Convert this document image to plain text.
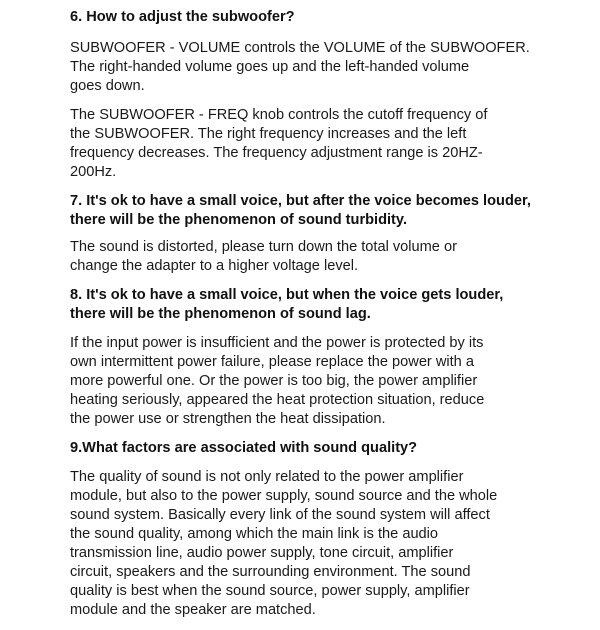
6. How to adjust the subwoofer?
SUBWOOFER - VOLUME controls the VOLUME of the SUBWOOFER.
The right-handed volume goes up and the left-handed volume
goes down.
The SUBWOOFER - FREQ knob controls the cutoff frequency of
the SUBWOOFER. The right frequency increases and the left
frequency decreases. The frequency adjustment range is 20HZ-
200Hz.
7. It's ok to have a small voice, but after the voice becomes louder,
there will be the phenomenon of sound turbidity.
The sound is distorted, please turn down the total volume or
change the adapter to a higher voltage level.
8. It's ok to have a small voice, but when the voice gets louder,
there will be the phenomenon of sound lag.
If the input power is insufficient and the power is protected by its
own intermittent power failure, please replace the power with a
more powerful one. Or the power is too big, the power amplifier
heating seriously, appeared the heat protection situation, reduce
the power use or strengthen the heat dissipation.
9.What factors are associated with sound quality?
The quality of sound is not only related to the power amplifier
module, but also to the power supply, sound source and the whole
sound system. Basically every link of the sound system will affect
the sound quality, among which the main link is the audio
transmission line, audio power supply, tone circuit, amplifier
circuit, speakers and the surrounding environment. The sound
quality is best when the sound source, power supply, amplifier
module and the speaker are matched.
